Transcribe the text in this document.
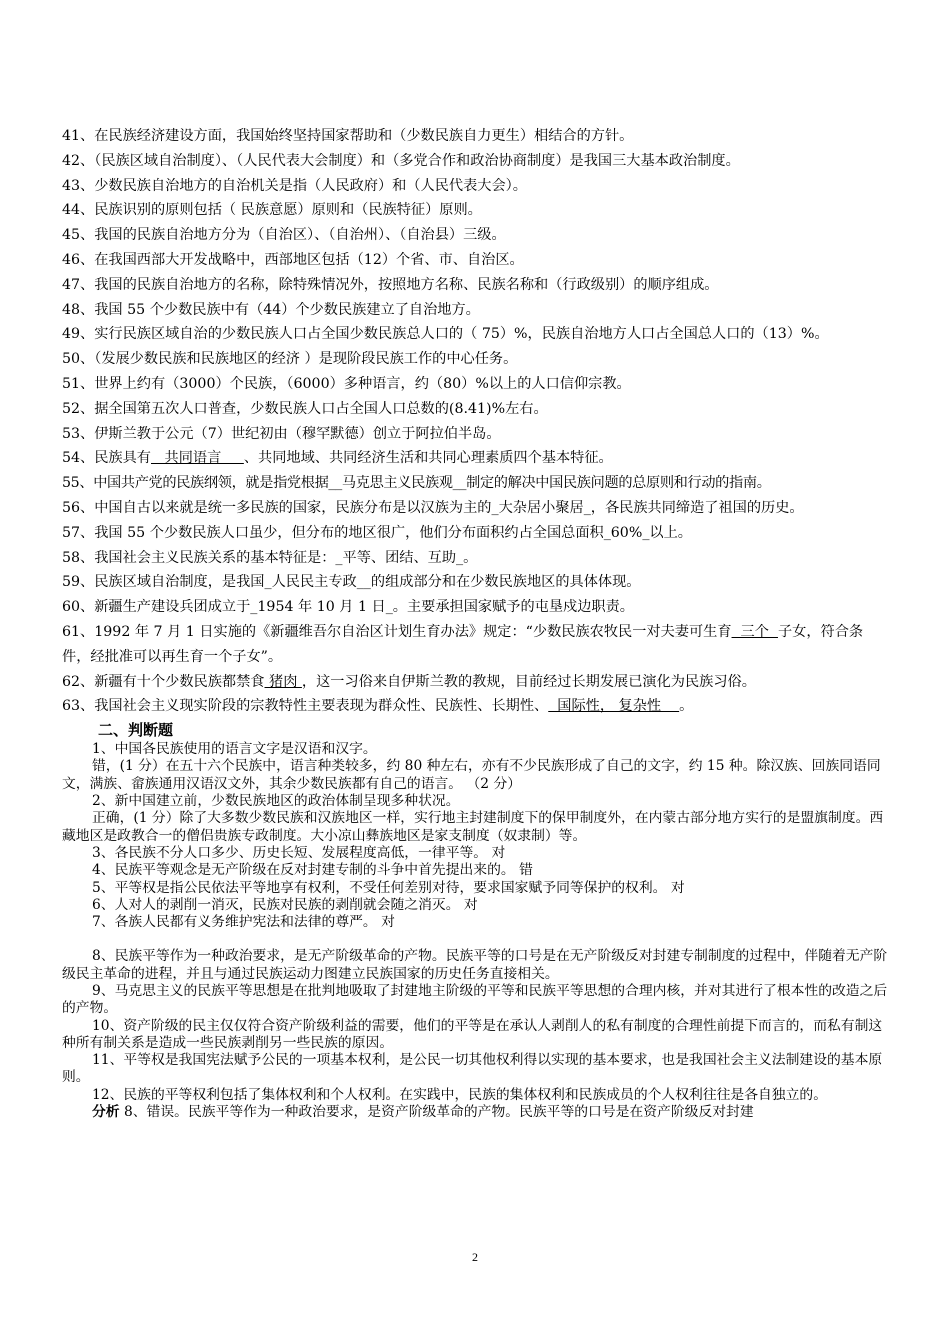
41、在民族经济建设方面，我国始终坚持国家帮助和（少数民族自力更生）相结合的方针。
42、（民族区域自治制度）、（人民代表大会制度）和（多党合作和政治协商制度）是我国三大基本政治制度。
43、少数民族自治地方的自治机关是指（人民政府）和（人民代表大会）。
44、民族识别的原则包括（ 民族意愿）原则和（民族特征）原则。
45、我国的民族自治地方分为（自治区）、（自治州）、（自治县）三级。
46、在我国西部大开发战略中，西部地区包括（12）个省、市、自治区。
47、我国的民族自治地方的名称，除特殊情况外，按照地方名称、民族名称和（行政级别）的顺序组成。
48、我国 55 个少数民族中有（44）个少数民族建立了自治地方。
49、实行民族区域自治的少数民族人口占全国少数民族总人口的（ 75）%，民族自治地方人口占全国总人口的（13）%。
50、（发展少数民族和民族地区的经济 ）是现阶段民族工作的中心任务。
51、世界上约有（3000）个民族，（6000）多种语言，约（80）%以上的人口信仰宗教。
52、据全国第五次人口普查，少数民族人口占全国人口总数的(8.41)%左右。
53、伊斯兰教于公元（7）世纪初由（穆罕默德）创立于阿拉伯半岛。
54、民族具有   共同语言     、共同地域、共同经济生活和共同心理素质四个基本特征。
55、中国共产党的民族纲领，就是指党根据__马克思主义民族观__制定的解决中国民族问题的总原则和行动的指南。
56、中国自古以来就是统一多民族的国家，民族分布是以汉族为主的_大杂居小聚居_，各民族共同缔造了祖国的历史。
57、我国 55 个少数民族人口虽少，但分布的地区很广，他们分布面积约占全国总面积_60%_以上。
58、我国社会主义民族关系的基本特征是：_平等、团结、互助_。
59、民族区域自治制度，是我国_人民民主专政__的组成部分和在少数民族地区的具体体现。
60、新疆生产建设兵团成立于_1954 年 10 月 1 日_。主要承担国家赋予的屯垦戍边职责。
61、1992 年 7 月 1 日实施的《新疆维吾尔自治区计划生育办法》规定：“少数民族农牧民一对夫妻可生育  三个  子女，符合条件，经批准可以再生育一个子女”。
62、新疆有十个少数民族都禁食 猪肉 ，这一习俗来自伊斯兰教的教规，目前经过长期发展已演化为民族习俗。
63、我国社会主义现实阶段的宗教特性主要表现为群众性、民族性、长期性、  国际性， 复杂性    。
二、判断题
1、中国各民族使用的语言文字是汉语和汉字。
错，(1 分）在五十六个民族中，语言种类较多，约 80 种左右，亦有不少民族形成了自己的文字，约 15 种。除汉族、回族同语同文，满族、畲族通用汉语汉文外，其余少数民族都有自己的语言。 （2 分）
2、新中国建立前，少数民族地区的政治体制呈现多种状况。
正确，(1 分）除了大多数少数民族和汉族地区一样，实行地主封建制度下的保甲制度外，在内蒙古部分地方实行的是盟旗制度。西藏地区是政教合一的僧侣贵族专政制度。大小凉山彝族地区是家支制度（奴隶制）等。
3、各民族不分人口多少、历史长短、发展程度高低，一律平等。 对
4、民族平等观念是无产阶级在反对封建专制的斗争中首先提出来的。 错
5、平等权是指公民依法平等地享有权利，不受任何差别对待，要求国家赋予同等保护的权利。 对
6、人对人的剥削一消灭，民族对民族的剥削就会随之消灭。 对
7、各族人民都有义务维护宪法和法律的尊严。 对
8、民族平等作为一种政治要求，是无产阶级革命的产物。民族平等的口号是在无产阶级反对封建专制制度的过程中，伴随着无产阶级民主革命的进程，并且与通过民族运动力图建立民族国家的历史任务直接相关。
9、马克思主义的民族平等思想是在批判地吸取了封建地主阶级的平等和民族平等思想的合理内核，并对其进行了根本性的改造之后的产物。
10、资产阶级的民主仅仅符合资产阶级利益的需要，他们的平等是在承认人剥削人的私有制度的合理性前提下而言的，而私有制这种所有制关系是造成一些民族剥削另一些民族的原因。
11、平等权是我国宪法赋予公民的一项基本权利，是公民一切其他权利得以实现的基本要求，也是我国社会主义法制建设的基本原则。
12、民族的平等权利包括了集体权利和个人权利。在实践中，民族的集体权利和民族成员的个人权利往往是各自独立的。
分析 8、错误。民族平等作为一种政治要求，是资产阶级革命的产物。民族平等的口号是在资产阶级反对封建
2
